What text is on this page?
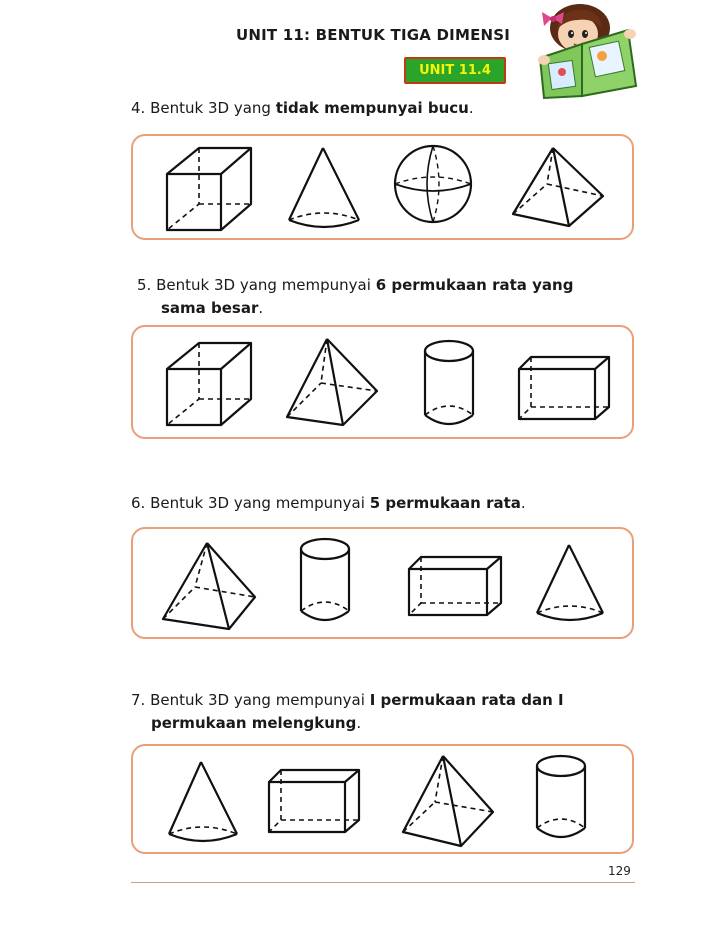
UNIT 11: BENTUK TIGA DIMENSI
UNIT 11.4
4. Bentuk 3D yang tidak mempunyai bucu.
5. Bentuk 3D yang mempunyai 6 permukaan rata yang
sama besar.
6. Bentuk 3D yang mempunyai 5 permukaan rata.
7. Bentuk 3D yang mempunyai I permukaan rata dan I
permukaan melengkung.
129
